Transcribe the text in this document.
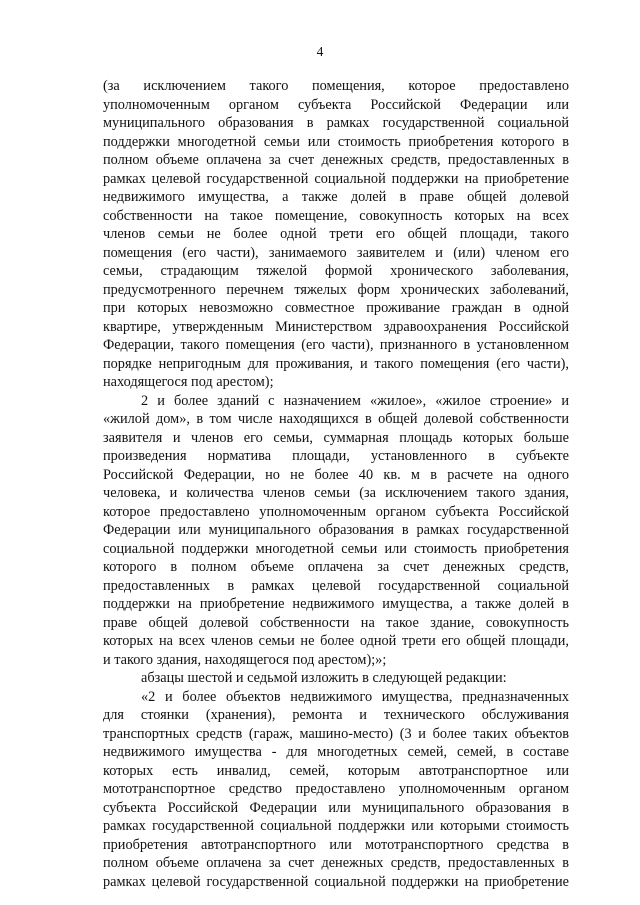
4
(за исключением такого помещения, которое предоставлено
уполномоченным органом субъекта Российской Федерации или
муниципального образования в рамках государственной социальной
поддержки многодетной семьи или стоимость приобретения которого в
полном объеме оплачена за счет денежных средств, предоставленных в
рамках целевой государственной социальной поддержки на приобретение
недвижимого имущества, а также долей в праве общей долевой
собственности на такое помещение, совокупность которых на всех
членов семьи не более одной трети его общей площади, такого
помещения (его части), занимаемого заявителем и (или) членом его
семьи, страдающим тяжелой формой хронического заболевания,
предусмотренного перечнем тяжелых форм хронических заболеваний,
при которых невозможно совместное проживание граждан в одной
квартире, утвержденным Министерством здравоохранения Российской
Федерации, такого помещения (его части), признанного в установленном
порядке непригодным для проживания, и такого помещения (его части),
находящегося под арестом);
2 и более зданий с назначением «жилое», «жилое строение» и
«жилой дом», в том числе находящихся в общей долевой собственности
заявителя и членов его семьи, суммарная площадь которых больше
произведения норматива площади, установленного в субъекте
Российской Федерации, но не более 40 кв. м в расчете на одного
человека, и количества членов семьи (за исключением такого здания,
которое предоставлено уполномоченным органом субъекта Российской
Федерации или муниципального образования в рамках государственной
социальной поддержки многодетной семьи или стоимость приобретения
которого в полном объеме оплачена за счет денежных средств,
предоставленных в рамках целевой государственной социальной
поддержки на приобретение недвижимого имущества, а также долей в
праве общей долевой собственности на такое здание, совокупность
которых на всех членов семьи не более одной трети его общей площади,
и такого здания, находящегося под арестом);»;
абзацы шестой и седьмой изложить в следующей редакции:
«2 и более объектов недвижимого имущества, предназначенных
для стоянки (хранения), ремонта и технического обслуживания
транспортных средств (гараж, машино-место) (3 и более таких объектов
недвижимого имущества - для многодетных семей, семей, в составе
которых есть инвалид, семей, которым автотранспортное или
мототранспортное средство предоставлено уполномоченным органом
субъекта Российской Федерации или муниципального образования в
рамках государственной социальной поддержки или которыми стоимость
приобретения автотранспортного или мототранспортного средства в
полном объеме оплачена за счет денежных средств, предоставленных в
рамках целевой государственной социальной поддержки на приобретение
